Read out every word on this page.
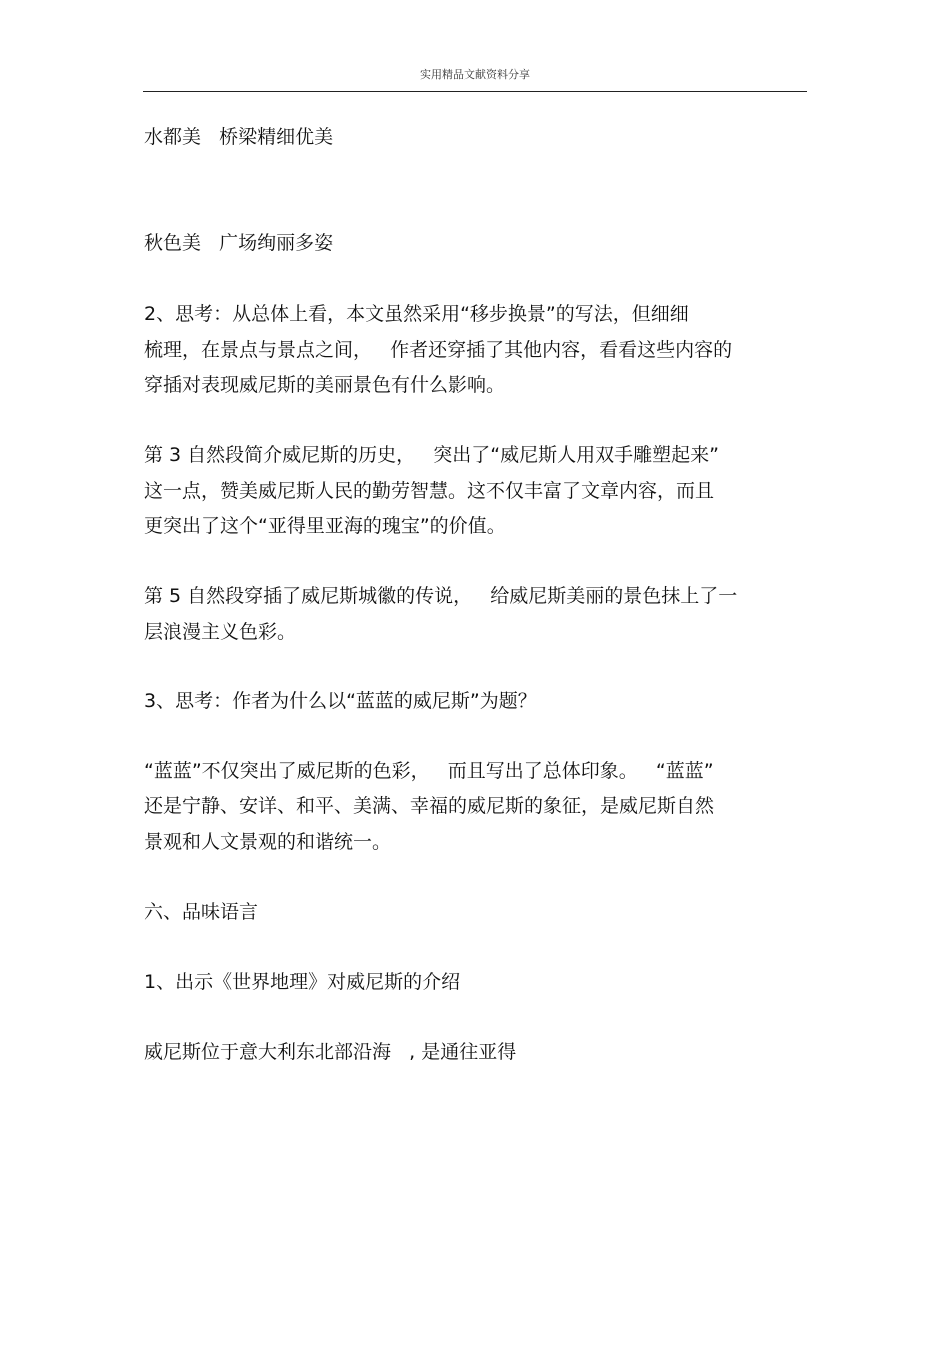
实用精品文献资料分享
水都美   桥梁精细优美
秋色美   广场绚丽多姿
2、思考：从总体上看，本文虽然采用“移步换景”的写法，但细细
梳理，在景点与景点之间，   作者还穿插了其他内容，看看这些内容的
穿插对表现威尼斯的美丽景色有什么影响。
第 3 自然段简介威尼斯的历史，   突出了“威尼斯人用双手雕塑起来”
这一点，赞美威尼斯人民的勤劳智慧。这不仅丰富了文章内容，而且
更突出了这个“亚得里亚海的瑰宝”的价值。
第 5 自然段穿插了威尼斯城徽的传说，   给威尼斯美丽的景色抹上了一
层浪漫主义色彩。
3、思考：作者为什么以“蓝蓝的威尼斯”为题？
“蓝蓝”不仅突出了威尼斯的色彩，   而且写出了总体印象。   “蓝蓝”
还是宁静、安详、和平、美满、幸福的威尼斯的象征，是威尼斯自然
景观和人文景观的和谐统一。
六、品味语言
1、出示《世界地理》对威尼斯的介绍
威尼斯位于意大利东北部沿海   , 是通往亚得
